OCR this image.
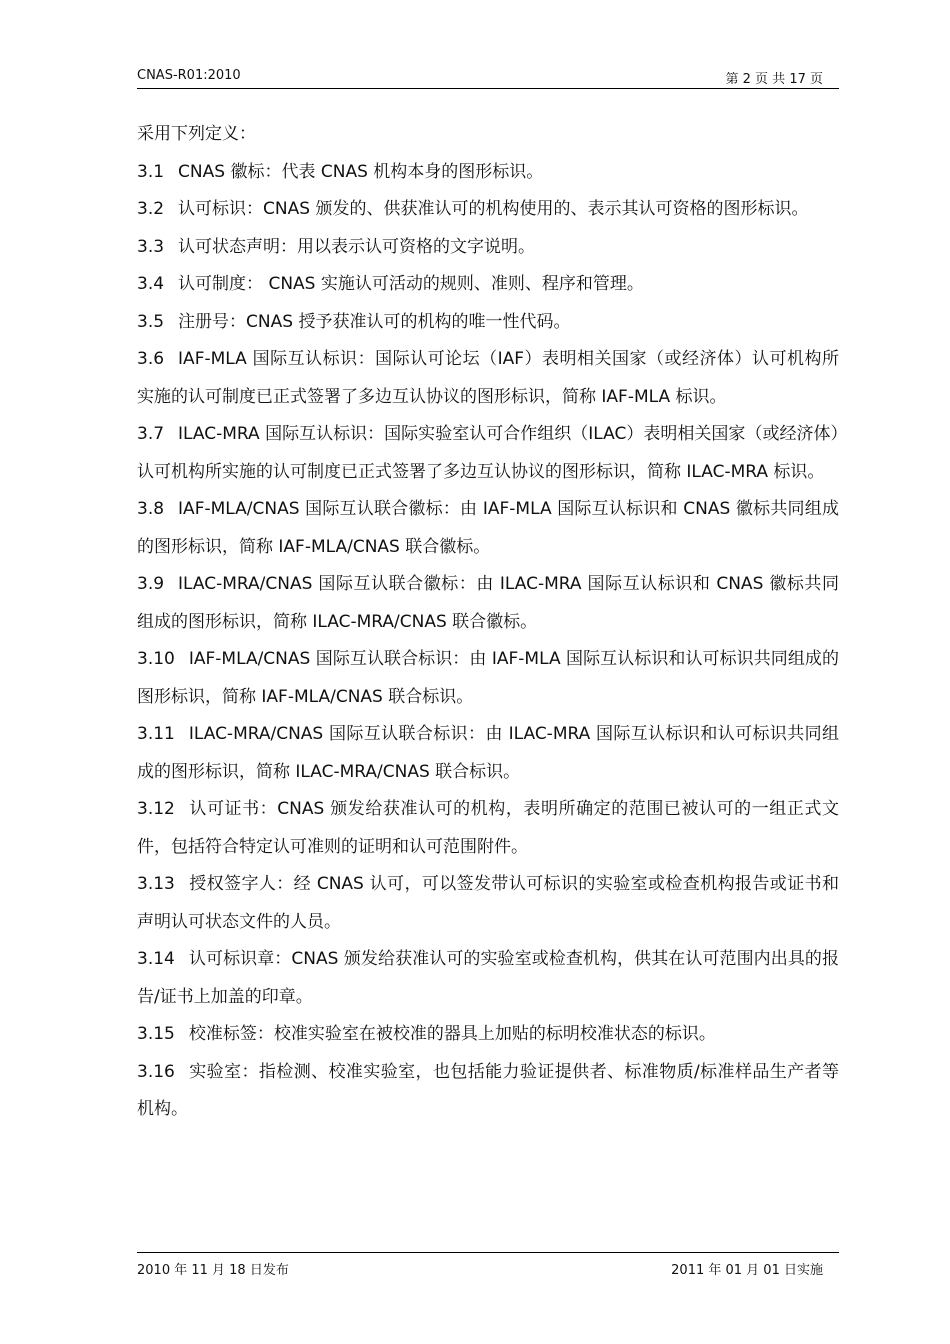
CNAS-R01:2010	第 2 页 共 17 页
采用下列定义：
3.1 CNAS 徽标：代表 CNAS 机构本身的图形标识。
3.2 认可标识：CNAS 颁发的、供获准认可的机构使用的、表示其认可资格的图形标识。
3.3 认可状态声明：用以表示认可资格的文字说明。
3.4 认可制度： CNAS 实施认可活动的规则、准则、程序和管理。
3.5 注册号：CNAS 授予获准认可的机构的唯一性代码。
3.6 IAF-MLA 国际互认标识：国际认可论坛（IAF）表明相关国家（或经济体）认可机构所实施的认可制度已正式签署了多边互认协议的图形标识，简称 IAF-MLA 标识。
3.7 ILAC-MRA 国际互认标识：国际实验室认可合作组织（ILAC）表明相关国家（或经济体）认可机构所实施的认可制度已正式签署了多边互认协议的图形标识，简称 ILAC-MRA 标识。
3.8 IAF-MLA/CNAS 国际互认联合徽标：由 IAF-MLA 国际互认标识和 CNAS 徽标共同组成的图形标识，简称 IAF-MLA/CNAS 联合徽标。
3.9 ILAC-MRA/CNAS 国际互认联合徽标：由 ILAC-MRA 国际互认标识和 CNAS 徽标共同组成的图形标识，简称 ILAC-MRA/CNAS 联合徽标。
3.10 IAF-MLA/CNAS 国际互认联合标识：由 IAF-MLA 国际互认标识和认可标识共同组成的图形标识，简称 IAF-MLA/CNAS 联合标识。
3.11 ILAC-MRA/CNAS 国际互认联合标识：由 ILAC-MRA 国际互认标识和认可标识共同组成的图形标识，简称 ILAC-MRA/CNAS 联合标识。
3.12 认可证书：CNAS 颁发给获准认可的机构，表明所确定的范围已被认可的一组正式文件，包括符合特定认可准则的证明和认可范围附件。
3.13 授权签字人：经 CNAS 认可，可以签发带认可标识的实验室或检查机构报告或证书和声明认可状态文件的人员。
3.14 认可标识章：CNAS 颁发给获准认可的实验室或检查机构，供其在认可范围内出具的报告/证书上加盖的印章。
3.15 校准标签：校准实验室在被校准的器具上加贴的标明校准状态的标识。
3.16 实验室：指检测、校准实验室，也包括能力验证提供者、标准物质/标准样品生产者等机构。
2010 年 11 月 18 日发布	2011 年 01 月 01 日实施
